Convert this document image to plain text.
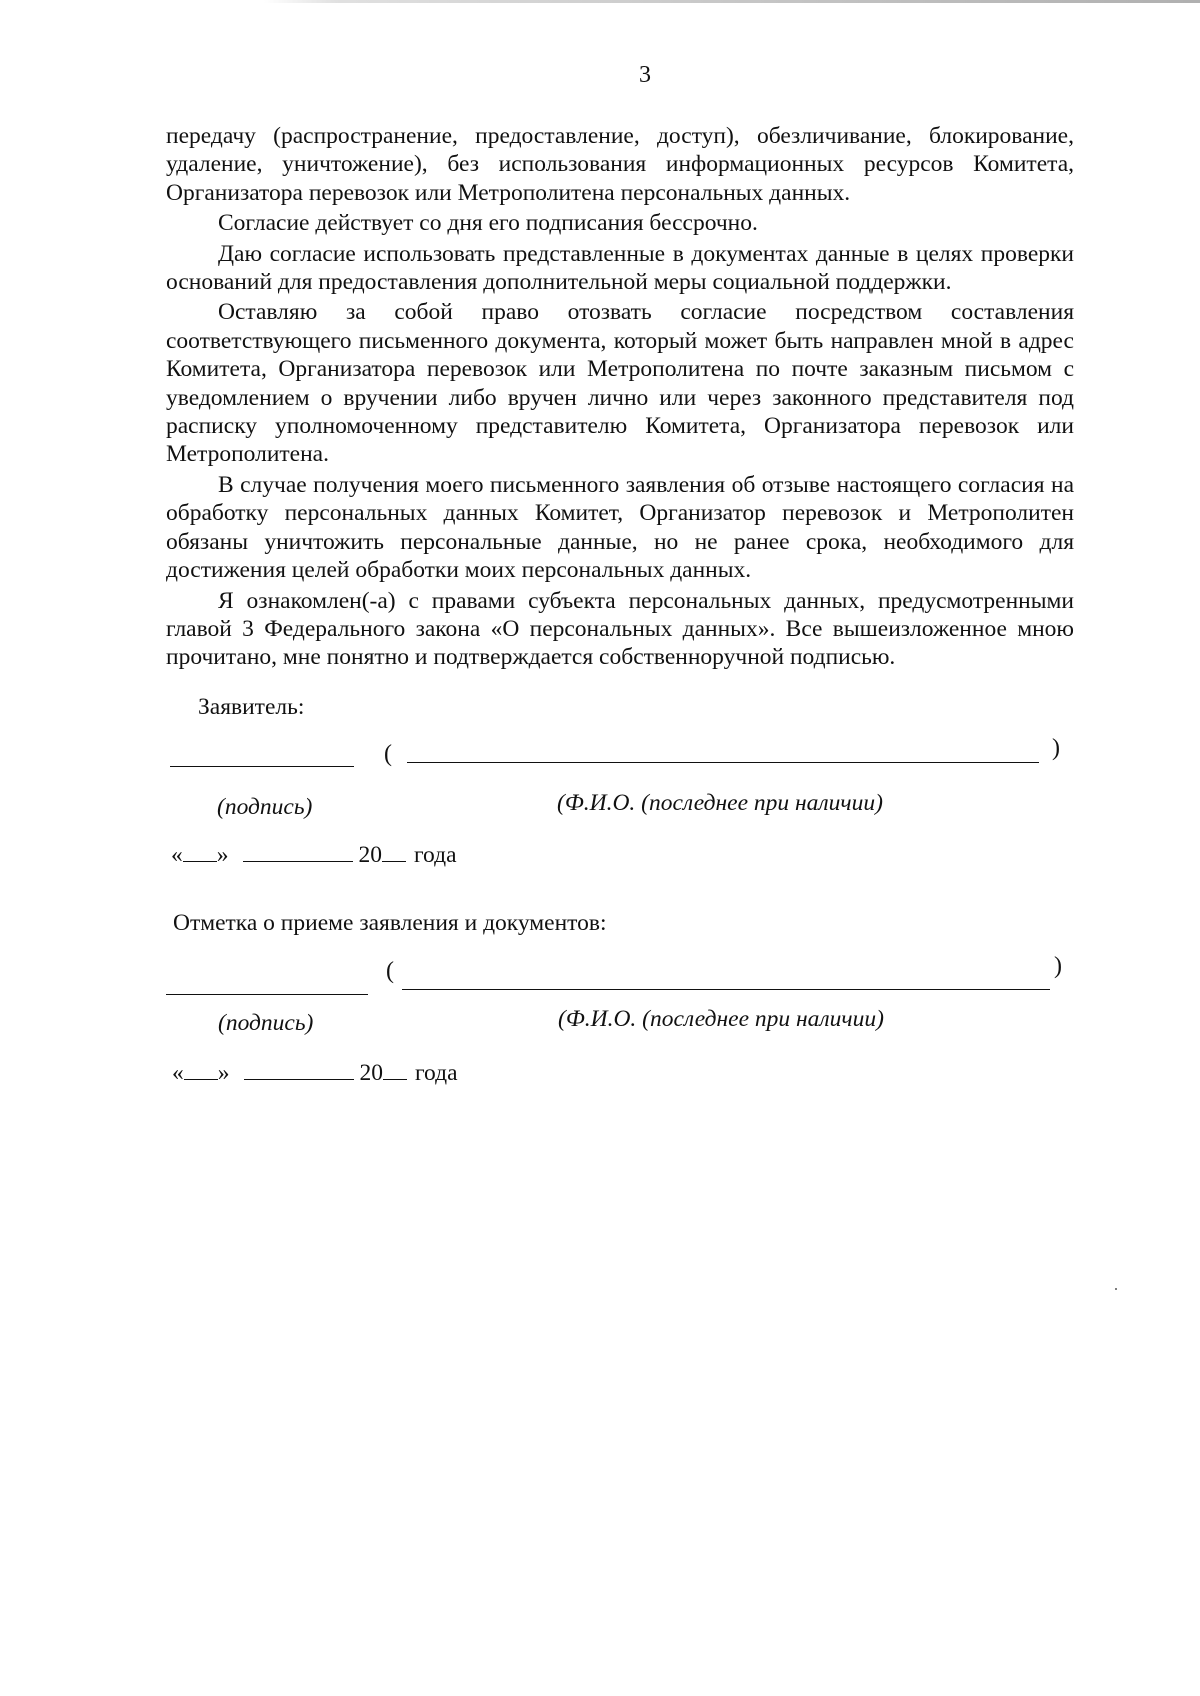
3

передачу (распространение, предоставление, доступ), обезличивание, блокирование, удаление, уничтожение), без использования информационных ресурсов Комитета, Организатора перевозок или Метрополитена персональных данных.

Согласие действует со дня его подписания бессрочно.

Даю согласие использовать представленные в документах данные в целях проверки оснований для предоставления дополнительной меры социальной поддержки.

Оставляю за собой право отозвать согласие посредством составления соответствующего письменного документа, который может быть направлен мной в адрес Комитета, Организатора перевозок или Метрополитена по почте заказным письмом с уведомлением о вручении либо вручен лично или через законного представителя под расписку уполномоченному представителю Комитета, Организатора перевозок или Метрополитена.

В случае получения моего письменного заявления об отзыве настоящего согласия на обработку персональных данных Комитет, Организатор перевозок и Метрополитен обязаны уничтожить персональные данные, но не ранее срока, необходимого для достижения целей обработки моих персональных данных.

Я ознакомлен(-а) с правами субъекта персональных данных, предусмотренными главой 3 Федерального закона «О персональных данных». Все вышеизложенное мною прочитано, мне понятно и подтверждается собственноручной подписью.

Заявитель:
(	)
(подпись)	(Ф.И.О. (последнее при наличии)
« »	20 года
Отметка о приеме заявления и документов:
(	)
(подпись)	(Ф.И.О. (последнее при наличии)
« »	20 года
